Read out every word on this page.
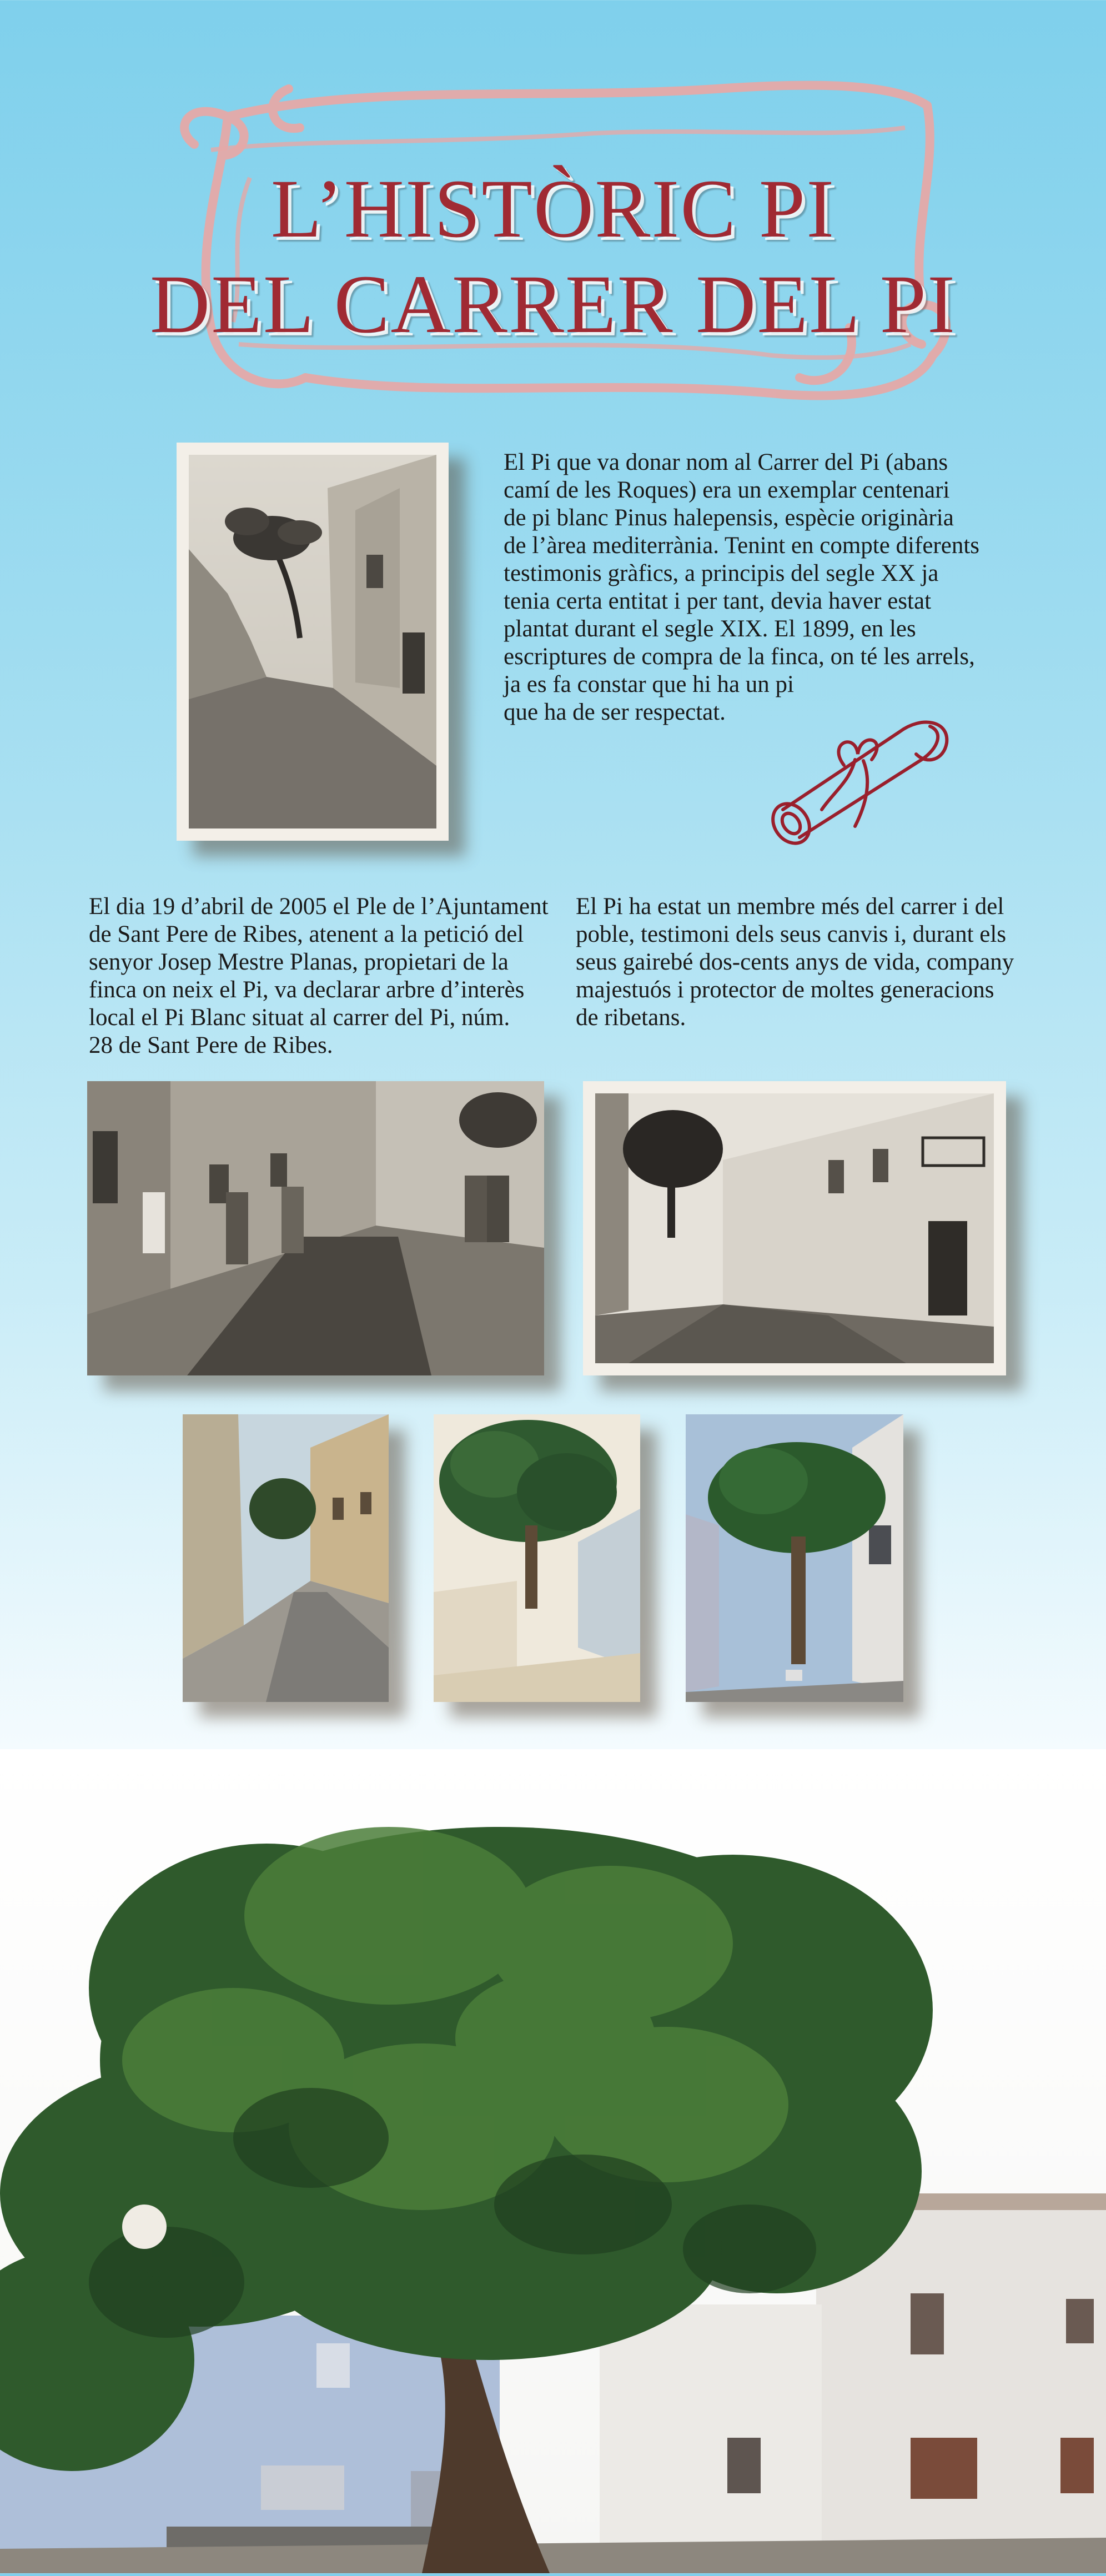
L’HISTÒRIC PI
DEL CARRER DEL PI

El Pi que va donar nom al Carrer del Pi (abans

camí de les Roques) era un exemplar centenari

de pi blanc Pinus halepensis, espècie originària

de l’àrea mediterrània. Tenint en compte diferents

testimonis gràfics, a principis del segle XX ja

tenia certa entitat i per tant, devia haver estat

plantat durant el segle XIX. El 1899, en les

escriptures de compra de la finca, on té les arrels,

ja es fa constar que hi ha un pi

que ha de ser respectat.

El dia 19 d’abril de 2005 el Ple de l’Ajuntament

de Sant Pere de Ribes, atenent a la petició del

senyor Josep Mestre Planas, propietari de la

finca on neix el Pi, va declarar arbre d’interès

local el Pi Blanc situat al carrer del Pi, núm.

28 de Sant Pere de Ribes.

El Pi ha estat un membre més del carrer i del

poble, testimoni dels seus canvis i, durant els

seus gairebé dos-cents anys de vida, company

majestuós i protector de moltes generacions

de ribetans.
